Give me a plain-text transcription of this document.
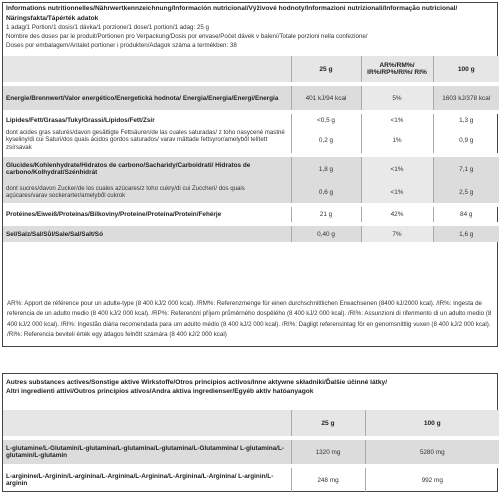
Informations nutritionnelles/Nährwertkennzeichnung/Información nutricional/Výživové hodnoty/Informazioni nutrizionali/Informação nutricional/
Näringsfakta/Tápérték adatok
1 adag/1 Portion/1 dosis/1 dávka/1 porzione/1 dose/1 portion/1 adag: 25 g
Nombre des doses par le produit/Portionen pro Verpackung/Dosis por envase/Počet dávek v balení/Totale porzioni nella confezione/
Doses por embalagem/Antalet portioner i produkten/Adagok száma a termékben: 38
	25 g	AR%/RM%/ IR%/RP%/RI%/ RI%	100 g

Energie/Brennwert/Valor energético/Energetická hodnota/ Energia/Energia/Energi/Energia	401 kJ/94 kcal	5%	1603 kJ/378 kcal

Lipides/Fett/Grasas/Tuky/Grassi/Lípidos/Fett/Zsír	<0,5 g	<1%	1,3 g
dont acides gras saturés/davon gesättigte Fettsäuren/de las cuales saturadas/ z toho nasycené mastné kyseliny/di cui Saturi/dos quais ácidos gordos saturados/ varav mättade fettsyror/amelyből telített zsírsavak	0,2 g	1%	0,9 g

Glucides/Kohlenhydrate/Hidratos de carbono/Sacharidy/Carboidrati/ Hidratos de carbono/Kolhydrat/Szénhidrát	1,8 g	<1%	7,1 g
dont sucres/davon Zucker/de los cuales azúcares/z toho cukry/di cui Zuccheri/ dos quais açúcares/varav sockerarter/amelyből cukrok	0,6 g	<1%	2,5 g

Protéines/Eiweiß/Proteínas/Bílkoviny/Proteine/Proteína/Protein/Fehérje	21 g	42%	84 g

Sel/Salz/Sal/Sůl/Sale/Sal/Salt/Só	0,40 g	7%	1,6 g
AR%: Apport de référence pour un adulte-type (8 400 kJ/2 000 kcal). /RM%: Referenzmenge für einen durchschnittlichen Erwachsenen (8400 kJ/2000 kcal). /IR%: Ingesta de referencia de un adulto medio (8 400 kJ/2 000 kcal). /RP%: Referenční příjem průměrného dospělého (8 400 kJ/2 000 kcal). /RI%: Assunzioni di riferimento di un adulto medio (8 400 kJ/2 000 kcal). /RI%: Ingestão diária recomendada para um adulto médio (8 400 kJ/2 000 kcal). /RI%: Dagligt referensintag för en genomsnittlig vuxen (8 400 kJ/2 000 kcal). /RI%: Referencia beviteli érték egy átlagos felnőtt számára (8 400 kJ/2 000 kcal)
Autres substances actives/Sonstige aktive Wirkstoffe/Otros principios activos/Inne aktywne składniki/Ďalšie účinné látky/
Altri ingredienti attivi/Outros princípios ativos/Andra aktiva ingredienser/Egyéb aktív hatóanyagok
	25 g	100 g

L-glutamine/L-Glutamin/L-glutamina/L-glutamina/L-glutamina/L-Glutammina/ L-glutamina/L-glutamin/L-glutamin	1320 mg	5280 mg

L-arginine/L-Arginin/L-arginina/L-Arginina/L-Arginina/L-Arginina/L-Arginina/ L-arginin/L-arginin	248 mg	992 mg
